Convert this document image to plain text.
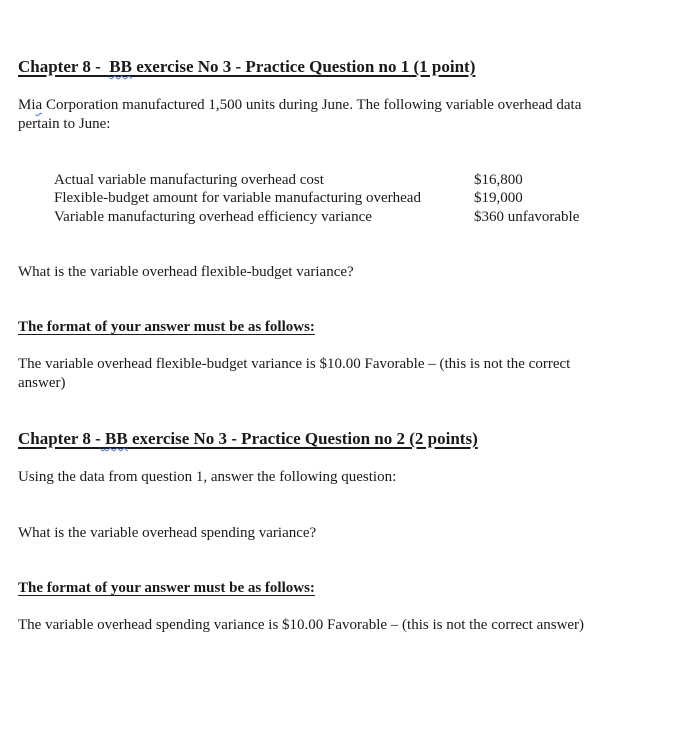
Chapter 8 -  BB exercise No 3 - Practice Question no 1 (1 point)

Mia Corporation manufactured 1,500 units during June. The following variable overhead data
pertain to June:

Actual variable manufacturing overhead cost	$16,800
Flexible-budget amount for variable manufacturing overhead	$19,000
Variable manufacturing overhead efficiency variance	$360 unfavorable

What is the variable overhead flexible-budget variance?

The format of your answer must be as follows:

The variable overhead flexible-budget variance is $10.00 Favorable – (this is not the correct answer)

Chapter 8 - BB exercise No 3 - Practice Question no 2 (2 points)

Using the data from question 1, answer the following question:

What is the variable overhead spending variance?

The format of your answer must be as follows:

The variable overhead spending variance is $10.00 Favorable – (this is not the correct answer)
